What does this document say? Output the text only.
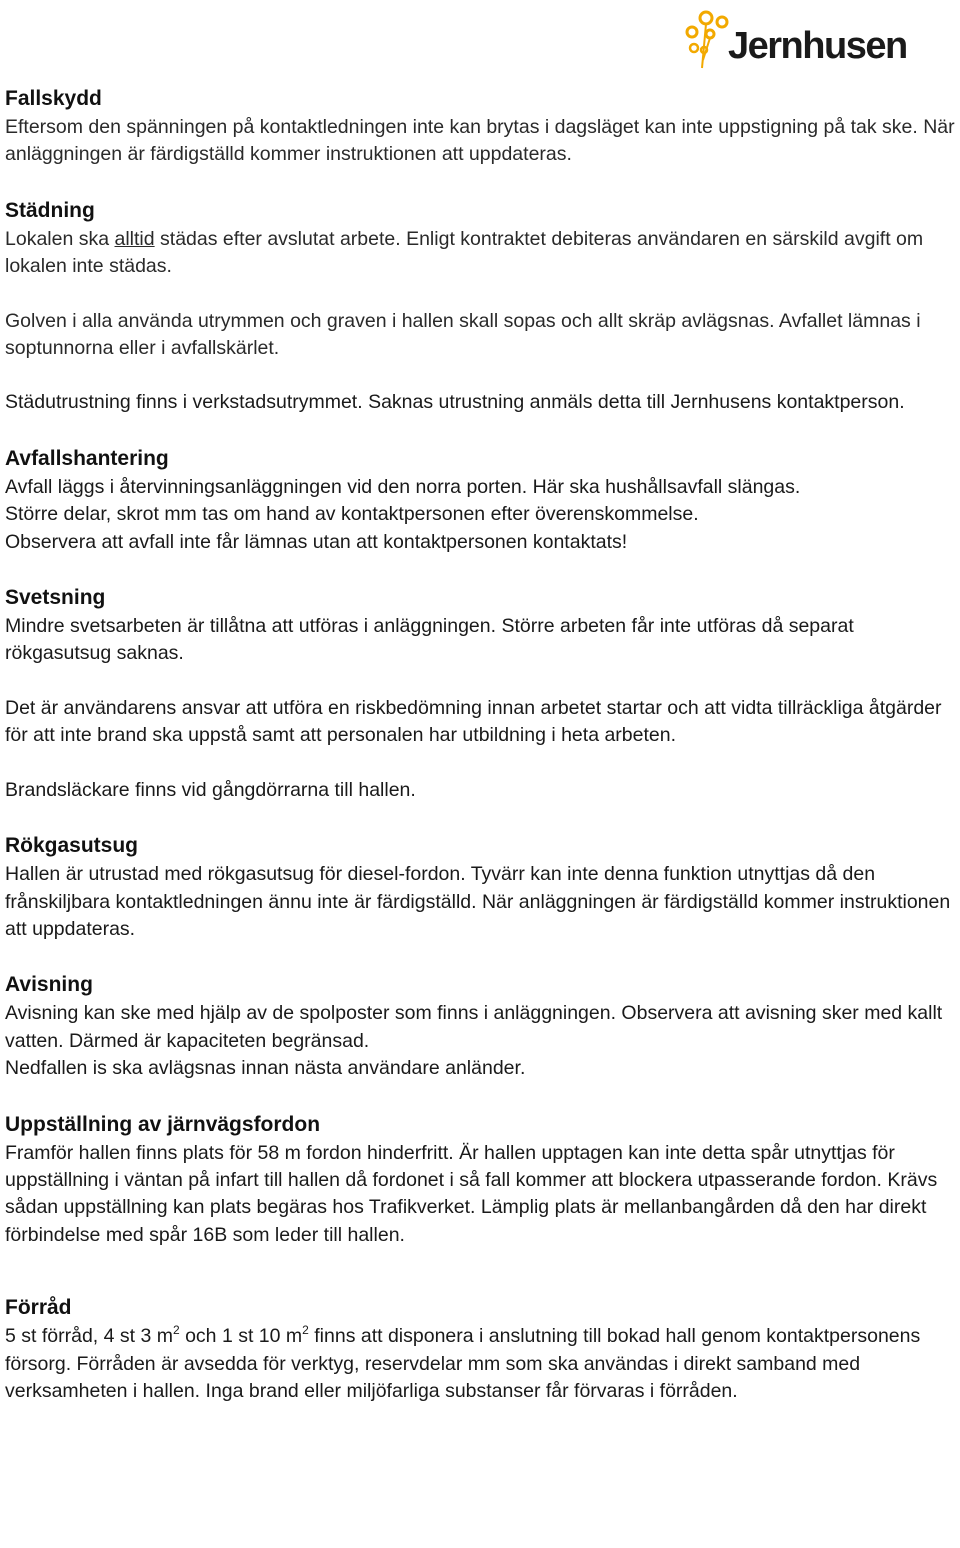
Jernhusen
Fallskydd

Eftersom den spänningen på kontaktledningen inte kan brytas i dagsläget kan inte uppstigning på tak ske. När anläggningen är färdigställd kommer instruktionen att uppdateras.

Städning

Lokalen ska alltid städas efter avslutat arbete. Enligt kontraktet debiteras användaren en särskild avgift om lokalen inte städas.

Golven i alla använda utrymmen och graven i hallen skall sopas och allt skräp avlägsnas. Avfallet lämnas i soptunnorna eller i avfallskärlet.

Städutrustning finns i verkstadsutrymmet. Saknas utrustning anmäls detta till Jernhusens kontaktperson.

Avfallshantering

Avfall läggs i återvinningsanläggningen vid den norra porten. Här ska hushållsavfall slängas.

Större delar, skrot mm tas om hand av kontaktpersonen efter överenskommelse.

Observera att avfall inte får lämnas utan att kontaktpersonen kontaktats!

Svetsning

Mindre svetsarbeten är tillåtna att utföras i anläggningen. Större arbeten får inte utföras då separat rökgasutsug saknas.

Det är användarens ansvar att utföra en riskbedömning innan arbetet startar och att vidta tillräckliga åtgärder för att inte brand ska uppstå samt att personalen har utbildning i heta arbeten.

Brandsläckare finns vid gångdörrarna till hallen.

Rökgasutsug

Hallen är utrustad med rökgasutsug för diesel-fordon. Tyvärr kan inte denna funktion utnyttjas då den frånskiljbara kontaktledningen ännu inte är färdigställd. När anläggningen är färdigställd kommer instruktionen att uppdateras.

Avisning

Avisning kan ske med hjälp av de spolposter som finns i anläggningen. Observera att avisning sker med kallt vatten. Därmed är kapaciteten begränsad.

Nedfallen is ska avlägsnas innan nästa användare anländer.

Uppställning av järnvägsfordon

Framför hallen finns plats för 58 m fordon hinderfritt. Är hallen upptagen kan inte detta spår utnyttjas för uppställning i väntan på infart till hallen då fordonet i så fall kommer att blockera utpasserande fordon. Krävs sådan uppställning kan plats begäras hos Trafikverket. Lämplig plats är mellanbangården då den har direkt förbindelse med spår 16B som leder till hallen.

Förråd

5 st förråd, 4 st 3 $m^2$ och 1 st 10 $m^2$ finns att disponera i anslutning till bokad hall genom kontaktpersonens försorg. Förråden är avsedda för verktyg, reservdelar mm som ska användas i direkt samband med verksamheten i hallen. Inga brand eller miljöfarliga substanser får förvaras i förråden.
